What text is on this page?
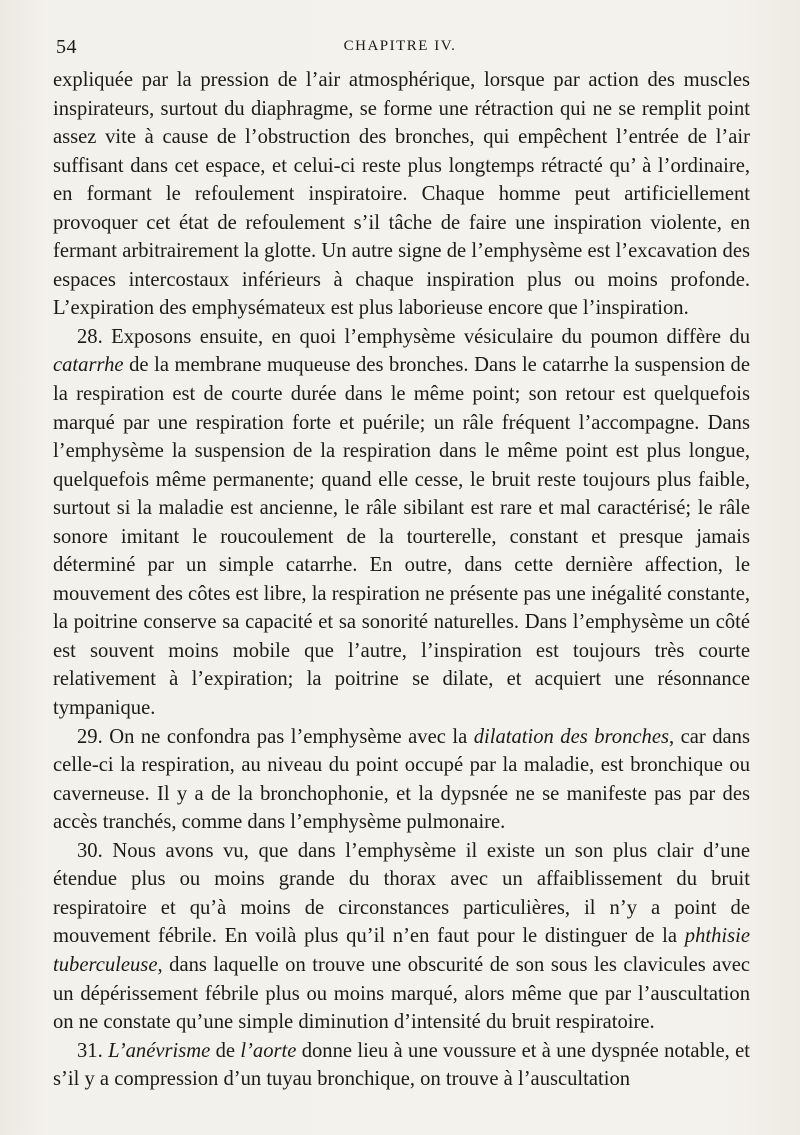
54	CHAPITRE IV.

expliquée par la pression de l’air atmosphérique, lorsque par action des muscles inspirateurs, surtout du diaphragme, se forme une rétraction qui ne se remplit point assez vite à cause de l’obstruction des bronches, qui empêchent l’entrée de l’air suffisant dans cet espace, et celui-ci reste plus longtemps rétracté qu’ à l’ordinaire, en formant le refoulement inspiratoire. Chaque homme peut artificiellement provoquer cet état de refoulement s’il tâche de faire une inspiration violente, en fermant arbitrairement la glotte. Un autre signe de l’emphysème est l’excavation des espaces intercostaux inférieurs à chaque inspiration plus ou moins profonde. L’expiration des emphysémateux est plus laborieuse encore que l’inspiration.

28. Exposons ensuite, en quoi l’emphysème vésiculaire du poumon diffère du catarrhe de la membrane muqueuse des bronches. Dans le catarrhe la suspension de la respiration est de courte durée dans le même point; son retour est quelquefois marqué par une respiration forte et puérile; un râle fréquent l’accompagne. Dans l’emphysème la suspension de la respiration dans le même point est plus longue, quelquefois même permanente; quand elle cesse, le bruit reste toujours plus faible, surtout si la maladie est ancienne, le râle sibilant est rare et mal caractérisé; le râle sonore imitant le roucoulement de la tourterelle, constant et presque jamais déterminé par un simple catarrhe. En outre, dans cette dernière affection, le mouvement des côtes est libre, la respiration ne présente pas une inégalité constante, la poitrine conserve sa capacité et sa sonorité naturelles. Dans l’emphysème un côté est souvent moins mobile que l’autre, l’inspiration est toujours très courte relativement à l’expiration; la poitrine se dilate, et acquiert une résonnance tympanique.

29. On ne confondra pas l’emphysème avec la dilatation des bronches, car dans celle-ci la respiration, au niveau du point occupé par la maladie, est bronchique ou caverneuse. Il y a de la bronchophonie, et la dypsnée ne se manifeste pas par des accès tranchés, comme dans l’emphysème pulmonaire.

30. Nous avons vu, que dans l’emphysème il existe un son plus clair d’une étendue plus ou moins grande du thorax avec un affaiblissement du bruit respiratoire et qu’à moins de circonstances particulières, il n’y a point de mouvement fébrile. En voilà plus qu’il n’en faut pour le distinguer de la phthisie tuberculeuse, dans laquelle on trouve une obscurité de son sous les clavicules avec un dépérissement fébrile plus ou moins marqué, alors même que par l’auscultation on ne constate qu’une simple diminution d’intensité du bruit respiratoire.

31. L’anévrisme de l’aorte donne lieu à une voussure et à une dyspnée notable, et s’il y a compression d’un tuyau bronchique, on trouve à l’auscultation
